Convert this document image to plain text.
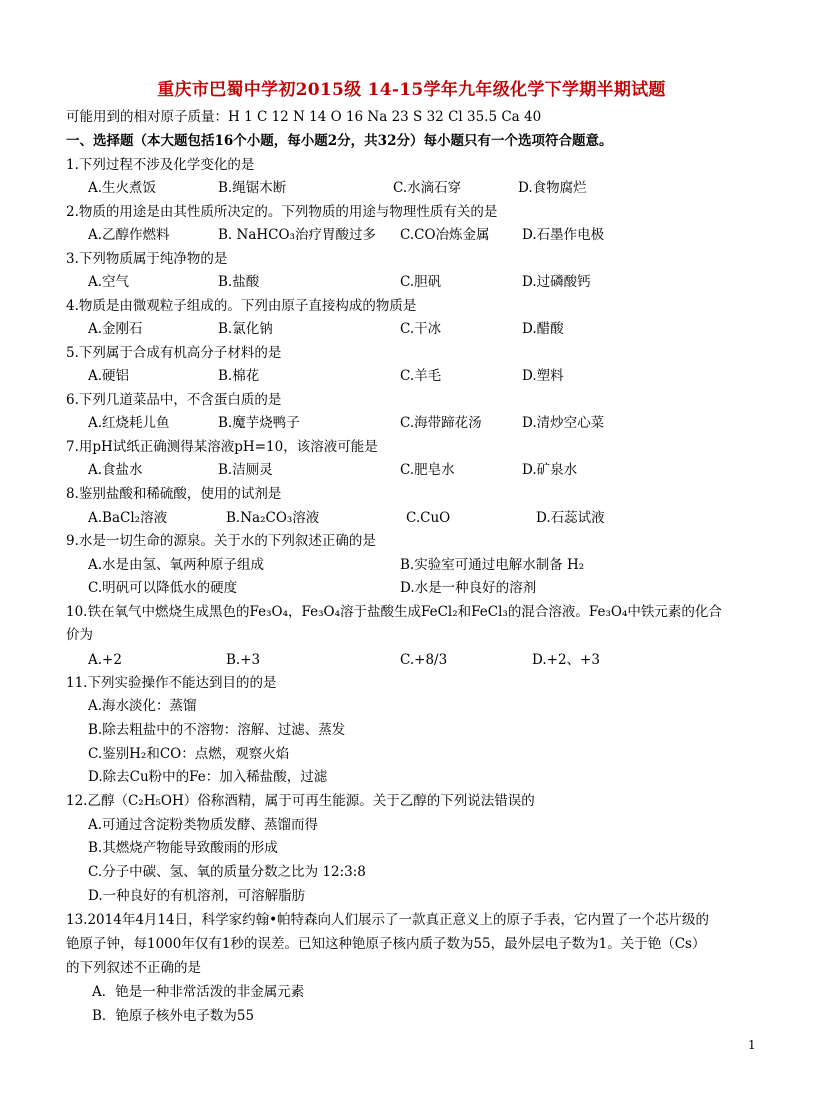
重庆市巴蜀中学初2015级 14-15学年九年级化学下学期半期试题
可能用到的相对原子质量：H 1 C 12 N 14 O 16 Na 23 S 32 Cl 35.5 Ca 40
一、选择题（本大题包括16个小题，每小题2分，共32分）每小题只有一个选项符合题意。
1.下列过程不涉及化学变化的是
A.生火煮饭	B.绳锯木断	C.水滴石穿	D.食物腐烂
2.物质的用途是由其性质所决定的。下列物质的用途与物理性质有关的是
A.乙醇作燃料	B. NaHCO₃治疗胃酸过多 C.CO冶炼金属 D.石墨作电极
3.下列物质属于纯净物的是
A.空气	B.盐酸	C.胆矾	D.过磷酸钙
4.物质是由微观粒子组成的。下列由原子直接构成的物质是
A.金刚石	B.氯化钠	C.干冰	D.醋酸
5.下列属于合成有机高分子材料的是
A.硬铝	B.棉花	C.羊毛	D.塑料
6.下列几道菜品中，不含蛋白质的是
A.红烧耗儿鱼	B.魔芋烧鸭子	C.海带蹄花汤	D.清炒空心菜
7.用pH试纸正确测得某溶液pH=10，该溶液可能是
A.食盐水	B.洁厕灵	C.肥皂水	D.矿泉水
8.鉴别盐酸和稀硫酸，使用的试剂是
A.BaCl₂溶液	B.Na₂CO₃溶液	C.CuO	D.石蕊试液
9.水是一切生命的源泉。关于水的下列叙述正确的是
A.水是由氢、氧两种原子组成	B.实验室可通过电解水制备 H₂
C.明矾可以降低水的硬度	D.水是一种良好的溶剂
10.铁在氧气中燃烧生成黑色的Fe₃O₄，Fe₃O₄溶于盐酸生成FeCl₂和FeCl₃的混合溶液。Fe₃O₄中铁元素的化合
价为
A.+2	B.+3	C.+8/3	D.+2、+3
11.下列实验操作不能达到目的的是
A.海水淡化：蒸馏
B.除去粗盐中的不溶物：溶解、过滤、蒸发
C.鉴别H₂和CO：点燃，观察火焰
D.除去Cu粉中的Fe：加入稀盐酸，过滤
12.乙醇（C₂H₅OH）俗称酒精，属于可再生能源。关于乙醇的下列说法错误的
A.可通过含淀粉类物质发酵、蒸馏而得
B.其燃烧产物能导致酸雨的形成
C.分子中碳、氢、氧的质量分数之比为 12:3:8
D.一种良好的有机溶剂，可溶解脂肪
13.2014年4月14日，科学家约翰•帕特森向人们展示了一款真正意义上的原子手表，它内置了一个芯片级的
铯原子钟，每1000年仅有1秒的误差。已知这种铯原子核内质子数为55，最外层电子数为1。关于铯（Cs）
的下列叙述不正确的是
A．铯是一种非常活泼的非金属元素
B．铯原子核外电子数为55
1
